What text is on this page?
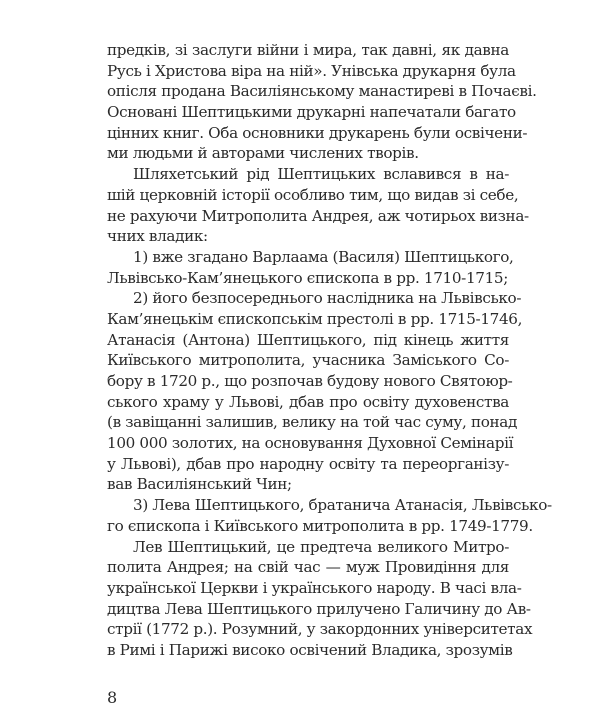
предків, зі заслуги війни і мира, так давні, як давна
Русь і Христова віра на ній». Унівська друкарня була
опісля продана Василіянському манастиреві в Почаєві.
Основані Шептицькими друкарні напечатали багато
цінних книг. Оба основники друкарень були освічени-
ми людьми й авторами числених творів.
Шляхетський рід Шептицьких вславився в на-
шій церковній історії особливо тим, що видав зі себе,
не рахуючи Митрополита Андрея, аж чотирьох визна-
чних владик:
1) вже згадано Варлаама (Василя) Шептицького,
Львівсько-Кам’янецького єпископа в рр. 1710-1715;
2) його безпосереднього наслідника на Львівсько-
Кам’янецькім єпископськім престолі в рр. 1715-1746,
Атанасія (Антона) Шептицького, під кінець життя
Київського митрополита, учасника Заміського Со-
бору в 1720 р., що розпочав будову нового Святоюр-
ського храму у Львові, дбав про освіту духовенства
(в завіщанні залишив, велику на той час суму, понад
100 000 золотих, на основування Духовної Семінарії
у Львові), дбав про народну освіту та переорганізу-
вав Василіянський Чин;
3) Лева Шептицького, братанича Атанасія, Львівсько-
го єпископа і Київського митрополита в рр. 1749-1779.
Лев Шептицький, це предтеча великого Митро-
полита Андрея; на свій час — муж Провидіння для
української Церкви і українського народу. В часі вла-
дицтва Лева Шептицького прилучено Галичину до Ав-
стрії (1772 р.). Розумний, у закордонних університетах
в Римі і Парижі високо освічений Владика, зрозумів
8
